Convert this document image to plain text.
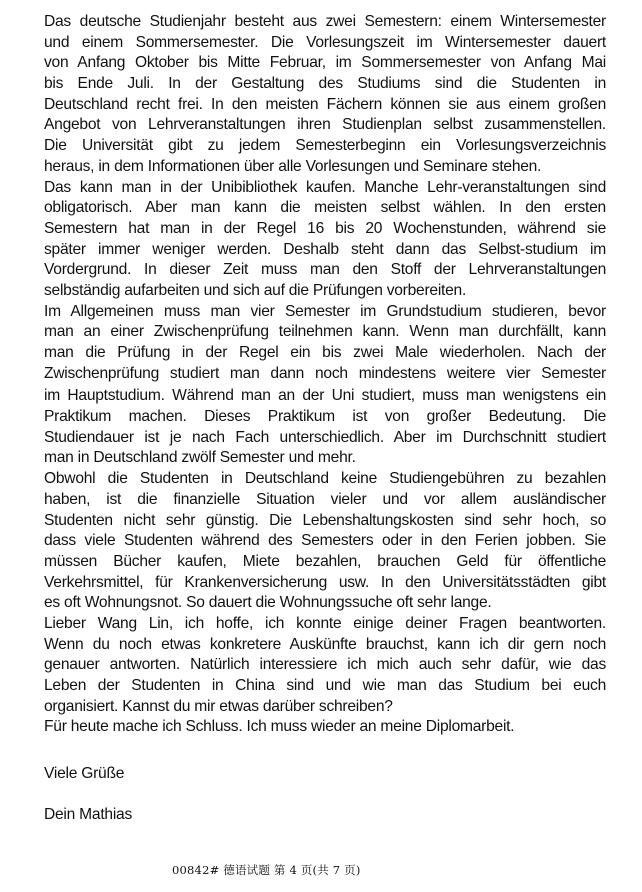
Das deutsche Studienjahr besteht aus zwei Semestern: einem Wintersemester
und einem Sommersemester. Die Vorlesungszeit im Wintersemester dauert
von Anfang Oktober bis Mitte Februar, im Sommersemester von Anfang Mai
bis Ende Juli. In der Gestaltung des Studiums sind die Studenten in
Deutschland recht frei. In den meisten Fächern können sie aus einem großen
Angebot von Lehrveranstaltungen ihren Studienplan selbst zusammenstellen.
Die Universität gibt zu jedem Semesterbeginn ein Vorlesungsverzeichnis
heraus, in dem Informationen über alle Vorlesungen und Seminare stehen.
Das kann man in der Unibibliothek kaufen. Manche Lehr-veranstaltungen sind
obligatorisch. Aber man kann die meisten selbst wählen. In den ersten
Semestern hat man in der Regel 16 bis 20 Wochenstunden, während sie
später immer weniger werden. Deshalb steht dann das Selbst-studium im
Vordergrund. In dieser Zeit muss man den Stoff der Lehrveranstaltungen
selbständig aufarbeiten und sich auf die Prüfungen vorbereiten.
Im Allgemeinen muss man vier Semester im Grundstudium studieren, bevor
man an einer Zwischenprüfung teilnehmen kann. Wenn man durchfällt, kann
man die Prüfung in der Regel ein bis zwei Male wiederholen. Nach der
Zwischenprüfung studiert man dann noch mindestens weitere vier Semester
im Hauptstudium. Während man an der Uni studiert, muss man wenigstens ein
Praktikum machen. Dieses Praktikum ist von großer Bedeutung. Die
Studiendauer ist je nach Fach unterschiedlich. Aber im Durchschnitt studiert
man in Deutschland zwölf Semester und mehr.
Obwohl die Studenten in Deutschland keine Studiengebühren zu bezahlen
haben, ist die finanzielle Situation vieler und vor allem ausländischer
Studenten nicht sehr günstig. Die Lebenshaltungskosten sind sehr hoch, so
dass viele Studenten während des Semesters oder in den Ferien jobben. Sie
müssen Bücher kaufen, Miete bezahlen, brauchen Geld für öffentliche
Verkehrsmittel, für Krankenversicherung usw. In den Universitätsstädten gibt
es oft Wohnungsnot. So dauert die Wohnungssuche oft sehr lange.
Lieber Wang Lin, ich hoffe, ich konnte einige deiner Fragen beantworten.
Wenn du noch etwas konkretere Auskünfte brauchst, kann ich dir gern noch
genauer antworten. Natürlich interessiere ich mich auch sehr dafür, wie das
Leben der Studenten in China sind und wie man das Studium bei euch
organisiert. Kannst du mir etwas darüber schreiben?
Für heute mache ich Schluss. Ich muss wieder an meine Diplomarbeit.
Viele Grüße
Dein Mathias
00842# 德语试题 第 4 页(共 7 页)
